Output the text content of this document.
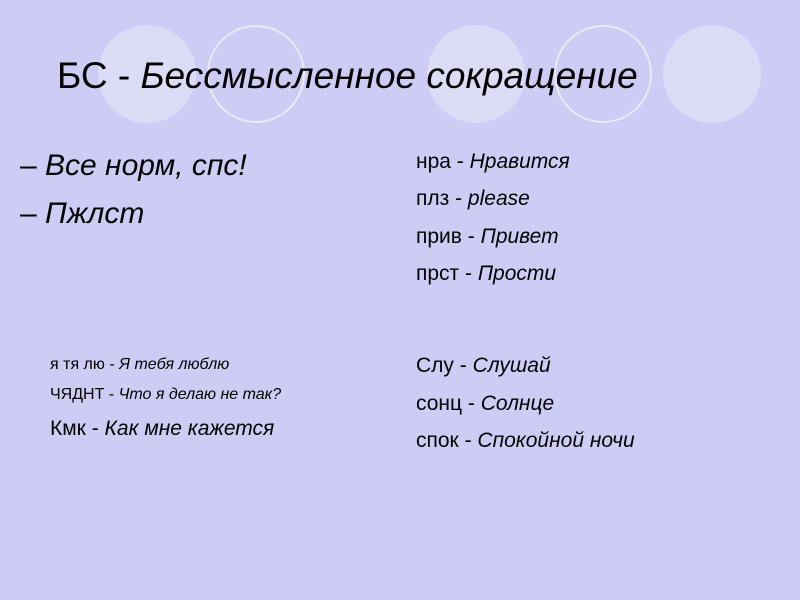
БС - Бессмысленное сокращение
– Все норм, спс!
– Пжлст
нра - Нравится
плз - please
прив - Привет
прст - Прости
Слу - Слушай
сонц - Солнце
спок - Спокойной ночи
я тя лю - Я тебя люблю
ЧЯДНТ - Что я делаю не так?
Кмк - Как мне кажется
